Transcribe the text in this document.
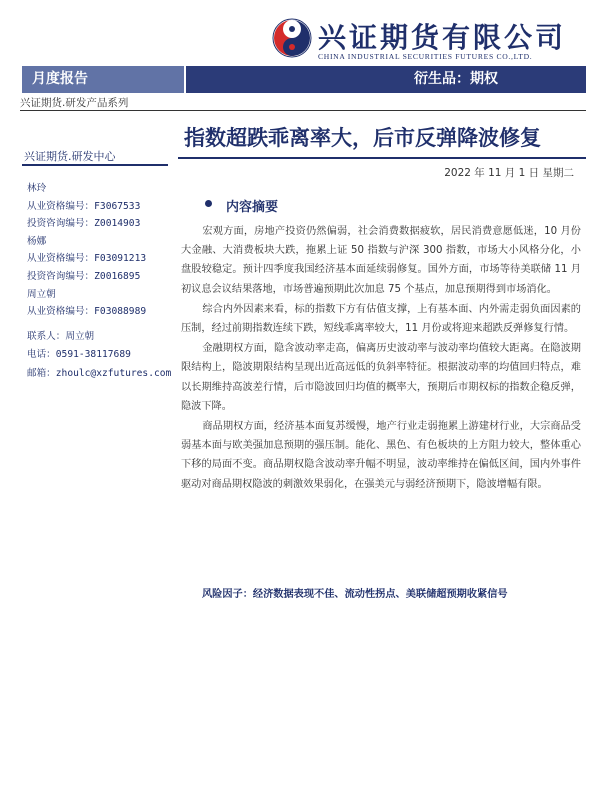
兴证期货有限公司
CHINA INDUSTRIAL SECURITIES FUTURES CO.,LTD.
月度报告	衍生品：期权
兴证期货.研发产品系列
指数超跌乖离率大，后市反弹降波修复
2022 年 11 月 1 日 星期二
兴证期货.研发中心
林玲
从业资格编号：F3067533
投资咨询编号：Z0014903
杨娜
从业资格编号：F03091213
投资咨询编号：Z0016895
周立朝
从业资格编号：F03088989
联系人：周立朝
电话：0591-38117689
邮箱：zhoulc@xzfutures.com
内容摘要

宏观方面，房地产投资仍然偏弱，社会消费数据疲软，居民消费意愿低迷，10 月份大金融、大消费板块大跌，拖累上证 50 指数与沪深 300 指数，市场大小风格分化，小盘股较稳定。预计四季度我国经济基本面延续弱修复。国外方面，市场等待美联储 11 月初议息会议结果落地，市场普遍预期此次加息 75 个基点，加息预期得到市场消化。

综合内外因素来看，标的指数下方有估值支撑，上有基本面、内外需走弱负面因素的压制，经过前期指数连续下跌，短线乖离率较大，11 月份或将迎来超跌反弹修复行情。

金融期权方面，隐含波动率走高，偏离历史波动率与波动率均值较大距离。在隐波期限结构上，隐波期限结构呈现出近高远低的负斜率特征。根据波动率的均值回归特点，难以长期维持高波差行情，后市隐波回归均值的概率大，预期后市期权标的指数企稳反弹，隐波下降。

商品期权方面，经济基本面复苏缓慢，地产行业走弱拖累上游建材行业，大宗商品受弱基本面与欧美强加息预期的强压制。能化、黑色、有色板块的上方阻力较大，整体重心下移的局面不变。商品期权隐含波动率升幅不明显，波动率维持在偏低区间，国内外事件驱动对商品期权隐波的刺激效果弱化，在强美元与弱经济预期下，隐波增幅有限。

风险因子：经济数据表现不佳、流动性拐点、美联储超预期收紧信号
